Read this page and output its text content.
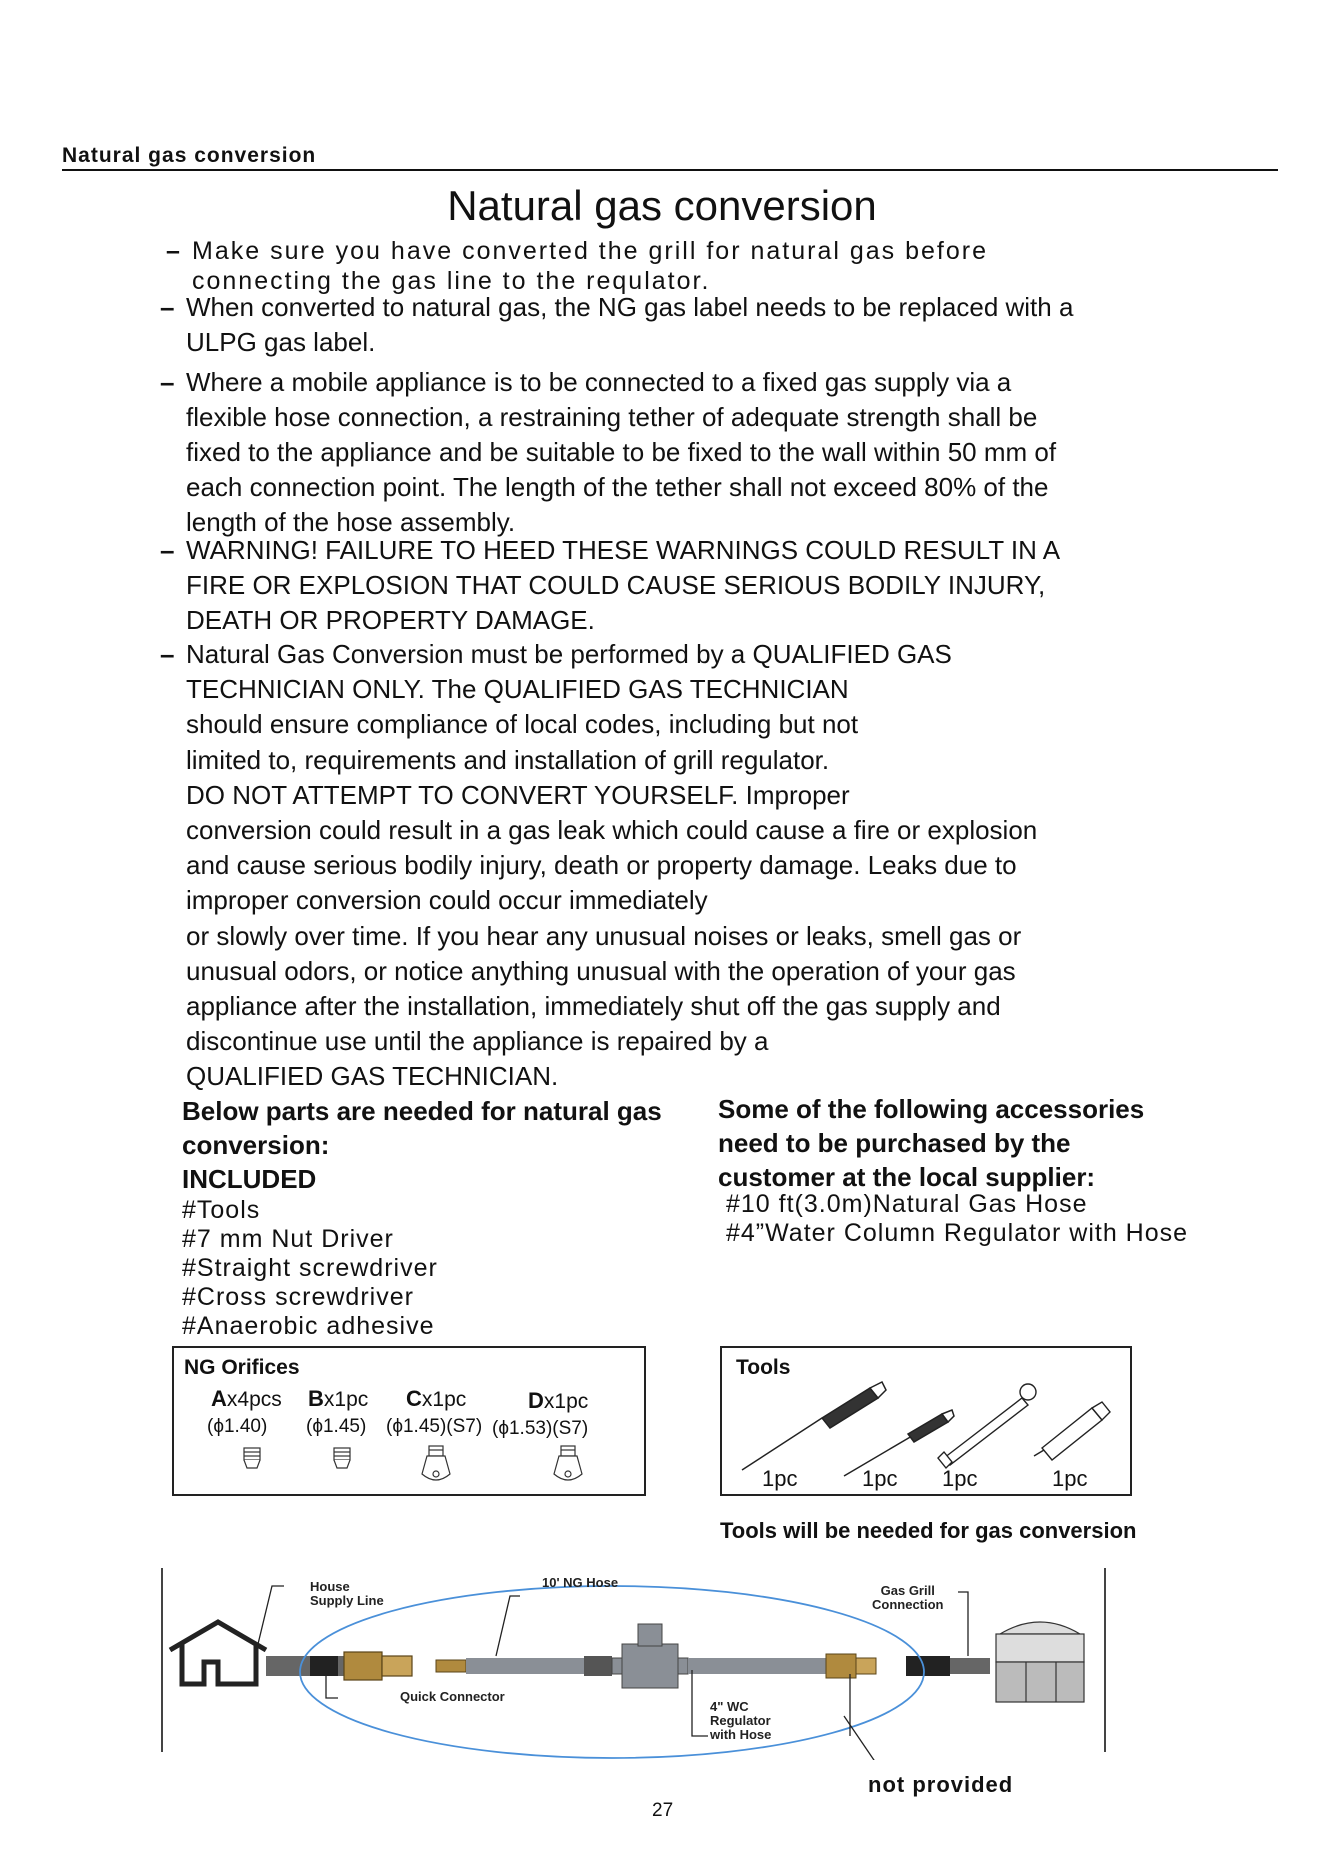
Natural gas conversion
Natural gas conversion
– Make sure you have converted the grill for natural gas before
connecting the gas line to the requlator.
– When converted to natural gas, the NG gas label needs to be replaced with a
ULPG gas label.
– Where a mobile appliance is to be connected to a fixed gas supply via a
flexible hose connection, a restraining tether of adequate strength shall be
fixed to the appliance and be suitable to be fixed to the wall within 50 mm of
each connection point. The length of the tether shall not exceed 80% of the
length of the hose assembly.
– WARNING! FAILURE TO HEED THESE WARNINGS COULD RESULT IN A
FIRE OR EXPLOSION THAT COULD CAUSE SERIOUS BODILY INJURY,
DEATH OR PROPERTY DAMAGE.
– Natural Gas Conversion must be performed by a QUALIFIED GAS
TECHNICIAN ONLY. The QUALIFIED GAS TECHNICIAN
should ensure compliance of local codes, including but not
limited to, requirements and installation of grill regulator.
DO NOT ATTEMPT TO CONVERT YOURSELF. Improper
conversion could result in a gas leak which could cause a fire or explosion
and cause serious bodily injury, death or property damage. Leaks due to
improper conversion could occur immediately
or slowly over time. If you hear any unusual noises or leaks, smell gas or
unusual odors, or notice anything unusual with the operation of your gas
appliance after the installation, immediately shut off the gas supply and
discontinue use until the appliance is repaired by a
QUALIFIED GAS TECHNICIAN.
Below parts are needed for natural gas
conversion:
INCLUDED
#Tools
#7 mm Nut Driver
#Straight screwdriver
#Cross screwdriver
#Anaerobic adhesive
Some of the following accessories
need to be purchased by the
customer at the local supplier:
#10 ft(3.0m)Natural Gas Hose
#4”Water Column Regulator with Hose
NG Orifices
Ax4pcs
(ϕ1.40)
Bx1pc
(ϕ1.45)
Cx1pc
(ϕ1.45)(S7)
Dx1pc
(ϕ1.53)(S7)
Tools
1pc	1pc 1pc	1pc
Tools will be needed for gas conversion
House
Supply Line
10' NG Hose
Gas Grill
Connection
Quick Connector
4" WC
Regulator
with Hose
not provided
27
